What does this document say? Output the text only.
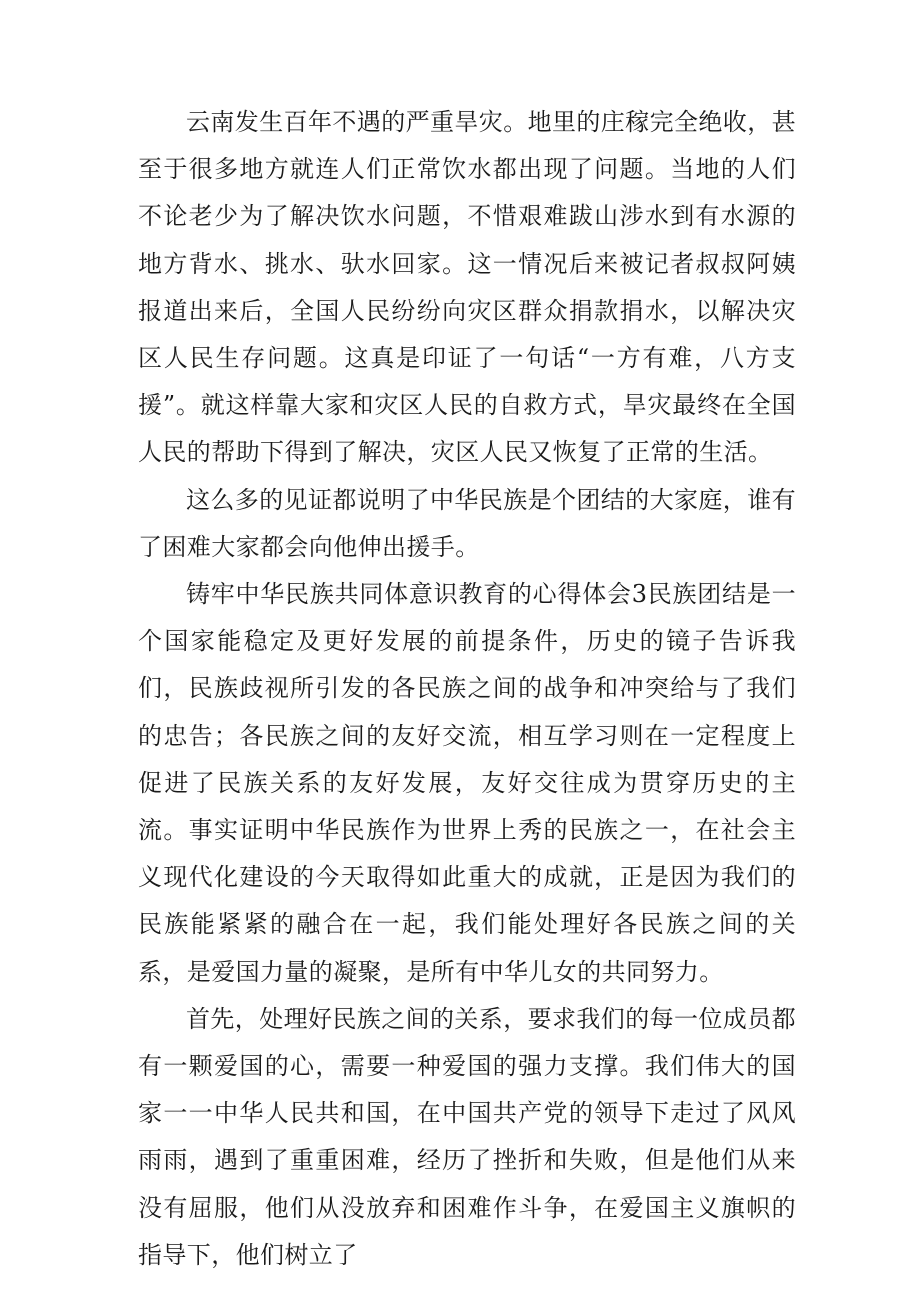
云南发生百年不遇的严重旱灾。地里的庄稼完全绝收，甚至于很多地方就连人们正常饮水都出现了问题。当地的人们不论老少为了解决饮水问题，不惜艰难跋山涉水到有水源的地方背水、挑水、驮水回家。这一情况后来被记者叔叔阿姨报道出来后，全国人民纷纷向灾区群众捐款捐水，以解决灾区人民生存问题。这真是印证了一句话“一方有难，八方支援”。就这样靠大家和灾区人民的自救方式，旱灾最终在全国人民的帮助下得到了解决，灾区人民又恢复了正常的生活。

这么多的见证都说明了中华民族是个团结的大家庭，谁有了困难大家都会向他伸出援手。

铸牢中华民族共同体意识教育的心得体会3民族团结是一个国家能稳定及更好发展的前提条件，历史的镜子告诉我们，民族歧视所引发的各民族之间的战争和冲突给与了我们的忠告；各民族之间的友好交流，相互学习则在一定程度上促进了民族关系的友好发展，友好交往成为贯穿历史的主流。事实证明中华民族作为世界上秀的民族之一，在社会主义现代化建设的今天取得如此重大的成就，正是因为我们的民族能紧紧的融合在一起，我们能处理好各民族之间的关系，是爱国力量的凝聚，是所有中华儿女的共同努力。

首先，处理好民族之间的关系，要求我们的每一位成员都有一颗爱国的心，需要一种爱国的强力支撑。我们伟大的国家一一中华人民共和国，在中国共产党的领导下走过了风风雨雨，遇到了重重困难，经历了挫折和失败，但是他们从来没有屈服，他们从没放弃和困难作斗争，在爱国主义旗帜的指导下，他们树立了
